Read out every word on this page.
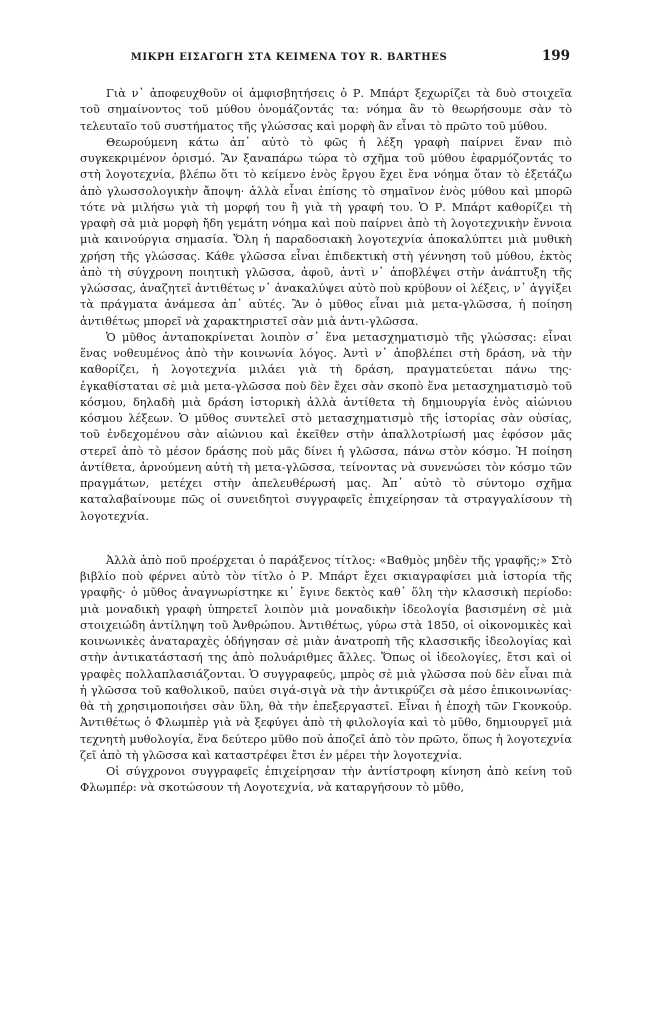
ΜΙΚΡΗ ΕΙΣΑΓΩΓΗ ΣΤΑ ΚΕΙΜΕΝΑ ΤΟΥ R. BARTHES	199

Γιὰ ν᾽ ἀποφευχθοῦν οἱ ἀμφισβητήσεις ὁ Ρ. Μπάρτ ξεχωρίζει τὰ δυὸ στοιχεῖα τοῦ σημαίνοντος τοῦ μύθου ὀνομάζοντάς τα: νόημα ἂν τὸ θεωρήσουμε σὰν τὸ τελευταῖο τοῦ συστήματος τῆς γλώσσας καὶ μορφὴ ἂν εἶναι τὸ πρῶτο τοῦ μύθου.

Θεωρούμενη κάτω ἀπ᾽ αὐτὸ τὸ φῶς ἡ λέξη γραφὴ παίρνει ἕναν πιὸ συγκεκριμένον ὁρισμό. Ἂν ξαναπάρω τώρα τὸ σχῆμα τοῦ μύθου ἐφαρμόζοντάς το στὴ λογοτεχνία, βλέπω ὅτι τὸ κείμενο ἑνὸς ἔργου ἔχει ἕνα νόημα ὅταν τὸ ἐξετάζω ἀπὸ γλωσσολογικὴν ἄποψη· ἀλλὰ εἶναι ἐπίσης τὸ σημαῖνον ἑνὸς μύθου καὶ μπορῶ τότε νὰ μιλήσω γιὰ τὴ μορφή του ἢ γιὰ τὴ γραφή του. Ὁ Ρ. Μπάρτ καθορίζει τὴ γραφὴ σὰ μιὰ μορφὴ ἤδη γεμάτη νόημα καὶ ποὺ παίρνει ἀπὸ τὴ λογοτεχνικὴν ἔννοια μιὰ καινούργια σημασία. Ὅλη ἡ παραδοσιακὴ λογοτεχνία ἀποκαλύπτει μιὰ μυθικὴ χρήση τῆς γλώσσας. Κάθε γλῶσσα εἶναι ἐπιδεκτικὴ στὴ γέννηση τοῦ μύθου, ἐκτὸς ἀπὸ τὴ σύγχρονη ποιητικὴ γλῶσσα, ἀφοῦ, ἀντὶ ν᾽ ἀποβλέψει στὴν ἀνάπτυξη τῆς γλώσσας, ἀναζητεῖ ἀντιθέτως ν᾽ ἀνακαλύψει αὐτὸ ποὺ κρύβουν οἱ λέξεις, ν᾽ ἀγγίξει τὰ πράγματα ἀνάμεσα ἀπ᾽ αὐτές. Ἂν ὁ μῦθος εἶναι μιὰ μετα-γλῶσσα, ἡ ποίηση ἀντιθέτως μπορεῖ νὰ χαρακτηριστεῖ σὰν μιὰ ἀντι-γλῶσσα.

Ὁ μῦθος ἀνταποκρίνεται λοιπὸν σ᾽ ἕνα μετασχηματισμὸ τῆς γλώσσας: εἶναι ἕνας νοθευμένος ἀπὸ τὴν κοινωνία λόγος. Ἀντὶ ν᾽ ἀποβλέπει στὴ δράση, νὰ τὴν καθορίζει, ἡ λογοτεχνία μιλάει γιὰ τὴ δράση, πραγματεύεται πάνω της· ἐγκαθίσταται σὲ μιὰ μετα-γλῶσσα ποὺ δὲν ἔχει σὰν σκοπὸ ἕνα μετασχηματισμὸ τοῦ κόσμου, δηλαδὴ μιὰ δράση ἱστορικὴ ἀλλὰ ἀντίθετα τὴ δημιουργία ἑνὸς αἰώνιου κόσμου λέξεων. Ὁ μῦθος συντελεῖ στὸ μετασχηματισμὸ τῆς ἱστορίας σὰν οὐσίας, τοῦ ἐνδεχομένου σὰν αἰώνιου καὶ ἐκεῖθεν στὴν ἀπαλλοτρίωσή μας ἐφόσον μᾶς στερεῖ ἀπὸ τὸ μέσον δράσης ποὺ μᾶς δίνει ἡ γλῶσσα, πάνω στὸν κόσμο. Ἡ ποίηση ἀντίθετα, ἀρνούμενη αὐτὴ τὴ μετα-γλῶσσα, τείνοντας νὰ συνενώσει τὸν κόσμο τῶν πραγμάτων, μετέχει στὴν ἀπελευθέρωσή μας. Ἀπ᾽ αὐτὸ τὸ σύντομο σχῆμα καταλαβαίνουμε πῶς οἱ συνειδητοὶ συγγραφεῖς ἐπιχείρησαν τὰ στραγγαλίσουν τὴ λογοτεχνία.

Ἀλλὰ ἀπὸ ποῦ προέρχεται ὁ παράξενος τίτλος: «Βαθμὸς μηδὲν τῆς γραφῆς;» Στὸ βιβλίο ποὺ φέρνει αὐτὸ τὸν τίτλο ὁ Ρ. Μπάρτ ἔχει σκιαγραφίσει μιὰ ἱστορία τῆς γραφῆς· ὁ μῦθος ἀναγνωρίστηκε κι᾽ ἔγινε δεκτὸς καθ᾽ ὅλη τὴν κλασσικὴ περίοδο: μιὰ μοναδικὴ γραφὴ ὑπηρετεῖ λοιπὸν μιὰ μοναδικὴν ἰδεολογία βασισμένη σὲ μιὰ στοιχειώδη ἀντίληψη τοῦ Ἀνθρώπου. Ἀντιθέτως, γύρω στὰ 1850, οἱ οἰκονομικὲς καὶ κοινωνικὲς ἀναταραχὲς ὁδήγησαν σὲ μιὰν ἀνατροπὴ τῆς κλασσικῆς ἰδεολογίας καὶ στὴν ἀντικατάστασή της ἀπὸ πολυάριθμες ἄλλες. Ὅπως οἱ ἰδεολογίες, ἔτσι καὶ οἱ γραφὲς πολλαπλασιάζονται. Ὁ συγγραφεύς, μπρὸς σὲ μιὰ γλῶσσα ποὺ δὲν εἶναι πιὰ ἡ γλῶσσα τοῦ καθολικοῦ, παύει σιγά-σιγὰ νὰ τὴν ἀντικρύζει σὰ μέσο ἐπικοινωνίας· θὰ τὴ χρησιμοποιήσει σὰν ὕλη, θὰ τὴν ἐπεξεργαστεῖ. Εἶναι ἡ ἐποχὴ τῶν Γκονκούρ. Ἀντιθέτως ὁ Φλωμπὲρ γιὰ νὰ ξεφύγει ἀπὸ τὴ φιλολογία καὶ τὸ μῦθο, δημιουργεῖ μιὰ τεχνητὴ μυθολογία, ἕνα δεύτερο μῦθο ποὺ ἀποζεῖ ἀπὸ τὸν πρῶτο, ὅπως ἡ λογοτεχνία ζεῖ ἀπὸ τὴ γλῶσσα καὶ καταστρέφει ἔτσι ἐν μέρει τὴν λογοτεχνία.

Οἱ σύγχρονοι συγγραφεῖς ἐπιχείρησαν τὴν ἀντίστροφη κίνηση ἀπὸ κείνη τοῦ Φλωμπέρ: νὰ σκοτώσουν τὴ Λογοτεχνία, νὰ καταργήσουν τὸ μῦθο,
